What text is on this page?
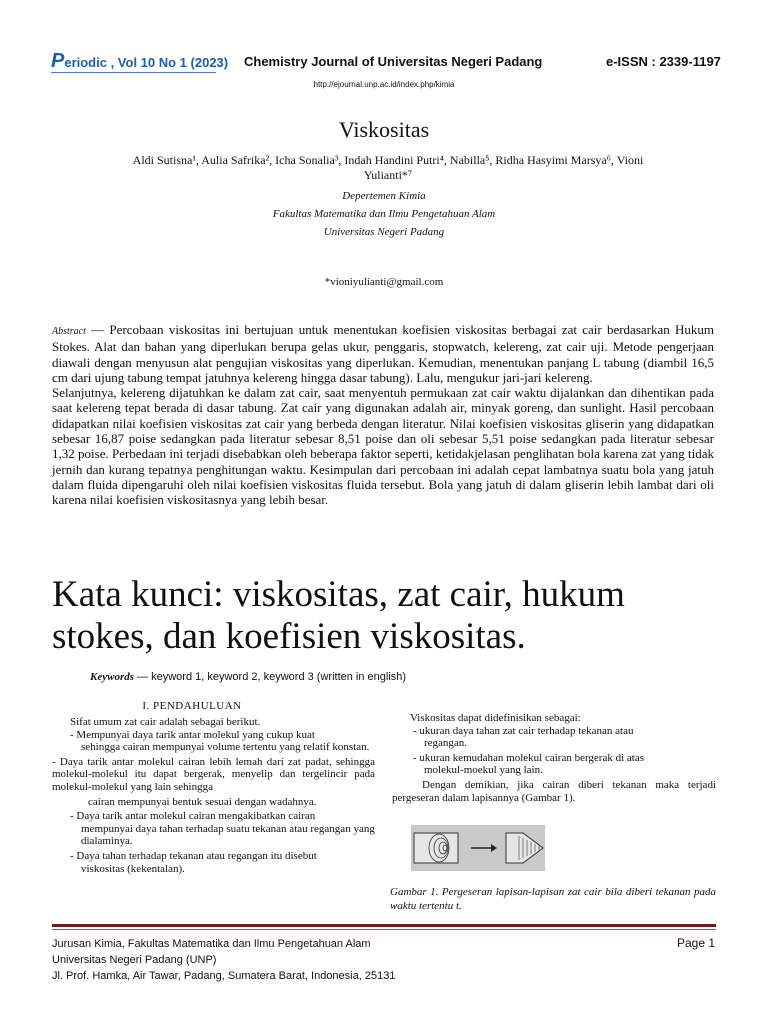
Periodic , Vol 10 No 1 (2023) Chemistry Journal of Universitas Negeri Padang	e-ISSN : 2339-1197
http://ejournal.unp.ac.id/index.php/kimia
Viskositas
Aldi Sutisna¹, Aulia Safrika², Icha Sonalia³, Indah Handini Putri⁴, Nabilla⁵, Ridha Hasyimi Marsya⁶, Vioni
Yulianti*⁷
Depertemen Kimia
Fakultas Matematika dan Ilmu Pengetahuan Alam
Universitas Negeri Padang
*vioniyulianti@gmail.com
Abstract — Percobaan viskositas ini bertujuan untuk menentukan koefisien viskositas berbagai zat cair berdasarkan Hukum Stokes. Alat dan bahan yang diperlukan berupa gelas ukur, penggaris, stopwatch, kelereng, zat cair uji. Metode pengerjaan diawali dengan menyusun alat pengujian viskositas yang diperlukan. Kemudian, menentukan panjang L tabung (diambil 16,5 cm dari ujung tabung tempat jatuhnya kelereng hingga dasar tabung). Lalu, mengukur jari-jari kelereng.
Selanjutnya, kelereng dijatuhkan ke dalam zat cair, saat menyentuh permukaan zat cair waktu dijalankan dan dihentikan pada saat kelereng tepat berada di dasar tabung. Zat cair yang digunakan adalah air, minyak goreng, dan sunlight. Hasil percobaan didapatkan nilai koefisien viskositas zat cair yang berbeda dengan literatur. Nilai koefisien viskositas gliserin yang didapatkan sebesar 16,87 poise sedangkan pada literatur sebesar 8,51 poise dan oli sebesar 5,51 poise sedangkan pada literatur sebesar 1,32 poise. Perbedaan ini terjadi disebabkan oleh beberapa faktor seperti, ketidakjelasan penglihatan bola karena zat yang tidak jernih dan kurang tepatnya penghitungan waktu. Kesimpulan dari percobaan ini adalah cepat lambatnya suatu bola yang jatuh dalam fluida dipengaruhi oleh nilai koefisien viskositas fluida tersebut. Bola yang jatuh di dalam gliserin lebih lambat dari oli karena nilai koefisien viskositasnya yang lebih besar.
Kata kunci: viskositas, zat cair, hukum stokes, dan koefisien viskositas.
Keywords — keyword 1, keyword 2, keyword 3 (written in english)
I. PENDAHULUAN

Sifat umum zat cair adalah sebagai berikut.

- Mempunyai daya tarik antar molekul yang cukup kuat

sehingga cairan mempunyai volume tertentu yang relatif konstan.

- Daya tarik antar molekul cairan lebih lemah dari zat padat, sehingga molekul-molekul itu dapat bergerak, menyelip dan tergelincir pada molekul-molekul yang lain sehingga

cairan mempunyai bentuk sesuai dengan wadahnya.

- Daya tarik antar molekul cairan mengakibatkan cairan

mempunyai daya tahan terhadap suatu tekanan atau regangan yang dialaminya.

- Daya tahan terhadap tekanan atau regangan itu disebut

viskositas (kekentalan).

Viskositas dapat didefinisikan sebagai:

- ukuran daya tahan zat cair terhadap tekanan atau

regangan.

- ukuran kemudahan molekul cairan bergerak di atas

molekul-moekul yang lain.

Dengan demikian, jika cairan diberi tekanan maka terjadi pergeseran dalam lapisannya (Gambar 1).

Gambar 1. Pergeseran lapisan-lapisan zat cair bila diberi tekanan pada waktu tertentu t.
Jurusan Kimia, Fakultas Matematika dan Ilmu Pengetahuan Alam
Universitas Negeri Padang (UNP)
Jl. Prof. Hamka, Air Tawar, Padang, Sumatera Barat, Indonesia, 25131
Page 1
